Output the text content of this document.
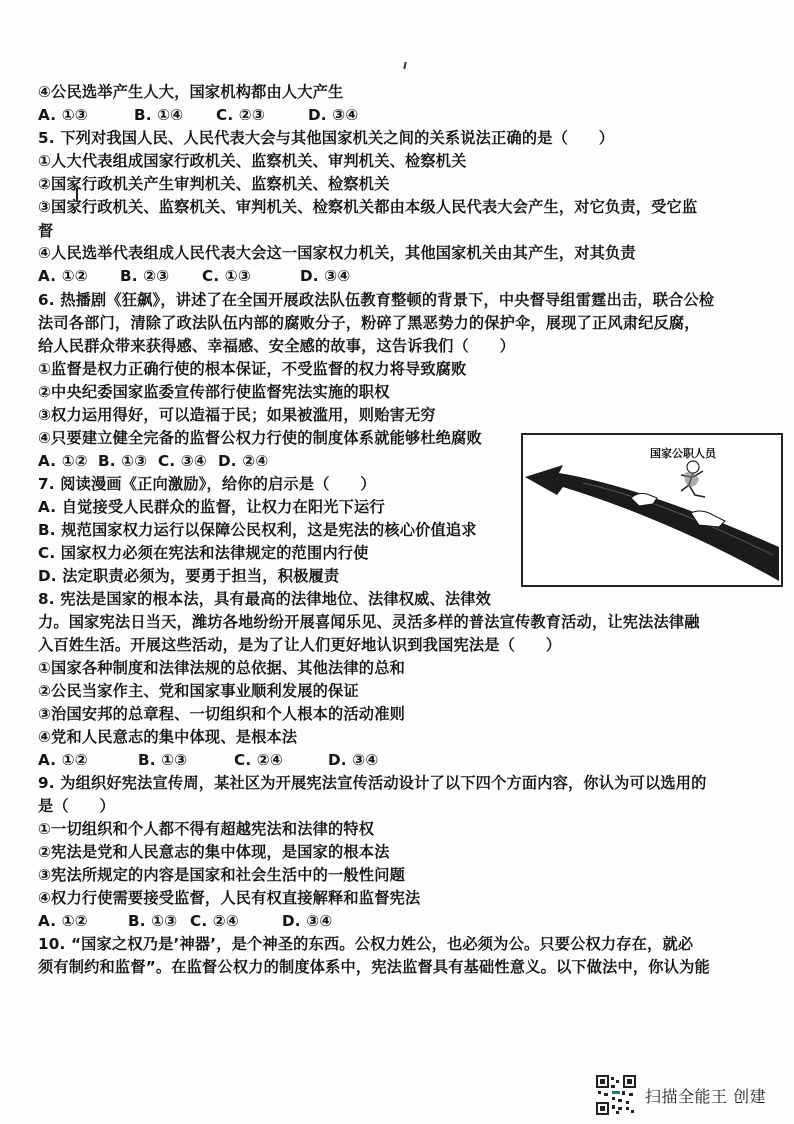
④公民选举产生人大，国家机构都由人大产生
A. ①③	B. ①④ C. ②③	D. ③④
5. 下列对我国人民、人民代表大会与其他国家机关之间的关系说法正确的是（　　）
①人大代表组成国家行政机关、监察机关、审判机关、检察机关
②国家行政机关产生审判机关、监察机关、检察机关
③国家行政机关、监察机关、审判机关、检察机关都由本级人民代表大会产生，对它负责，受它监
督
④人民选举代表组成人民代表大会这一国家权力机关，其他国家机关由其产生，对其负责
A. ①② B. ②③ C. ①③	D. ③④
6. 热播剧《狂飙》，讲述了在全国开展政法队伍教育整顿的背景下，中央督导组雷霆出击，联合公检
法司各部门，清除了政法队伍内部的腐败分子，粉碎了黑恶势力的保护伞，展现了正风肃纪反腐，
给人民群众带来获得感、幸福感、安全感的故事，这告诉我们（　　）
①监督是权力正确行使的根本保证，不受监督的权力将导致腐败
②中央纪委国家监委宣传部行使监督宪法实施的职权
③权力运用得好，可以造福于民；如果被滥用，则贻害无穷
④只要建立健全完备的监督公权力行使的制度体系就能够杜绝腐败
A. ①② B. ①③ C. ③④ D. ②④
7. 阅读漫画《正向激励》，给你的启示是（　　）
A. 自觉接受人民群众的监督，让权力在阳光下运行
B. 规范国家权力运行以保障公民权利，这是宪法的核心价值追求
C. 国家权力必须在宪法和法律规定的范围内行使
D. 法定职责必须为，要勇于担当，积极履责
8. 宪法是国家的根本法，具有最高的法律地位、法律权威、法律效
力。国家宪法日当天，潍坊各地纷纷开展喜闻乐见、灵活多样的普法宣传教育活动，让宪法法律融
入百姓生活。开展这些活动，是为了让人们更好地认识到我国宪法是（　　）
①国家各种制度和法律法规的总依据、其他法律的总和
②公民当家作主、党和国家事业顺利发展的保证
③治国安邦的总章程、一切组织和个人根本的活动准则
④党和人民意志的集中体现、是根本法
A. ①②	B. ①③	C. ②④	D. ③④
9. 为组织好宪法宣传周，某社区为开展宪法宣传活动设计了以下四个方面内容，你认为可以选用的
是（　　）
①一切组织和个人都不得有超越宪法和法律的特权
②宪法是党和人民意志的集中体现，是国家的根本法
③宪法所规定的内容是国家和社会生活中的一般性问题
④权力行使需要接受监督，人民有权直接解释和监督宪法
A. ①②	B. ①③ C. ②④	D. ③④
10. “国家之权乃是’神器’，是个神圣的东西。公权力姓公，也必须为公。只要公权力存在，就必
须有制约和监督”。在监督公权力的制度体系中，宪法监督具有基础性意义。以下做法中，你认为能
国家公职人员
扫描全能王 创建
